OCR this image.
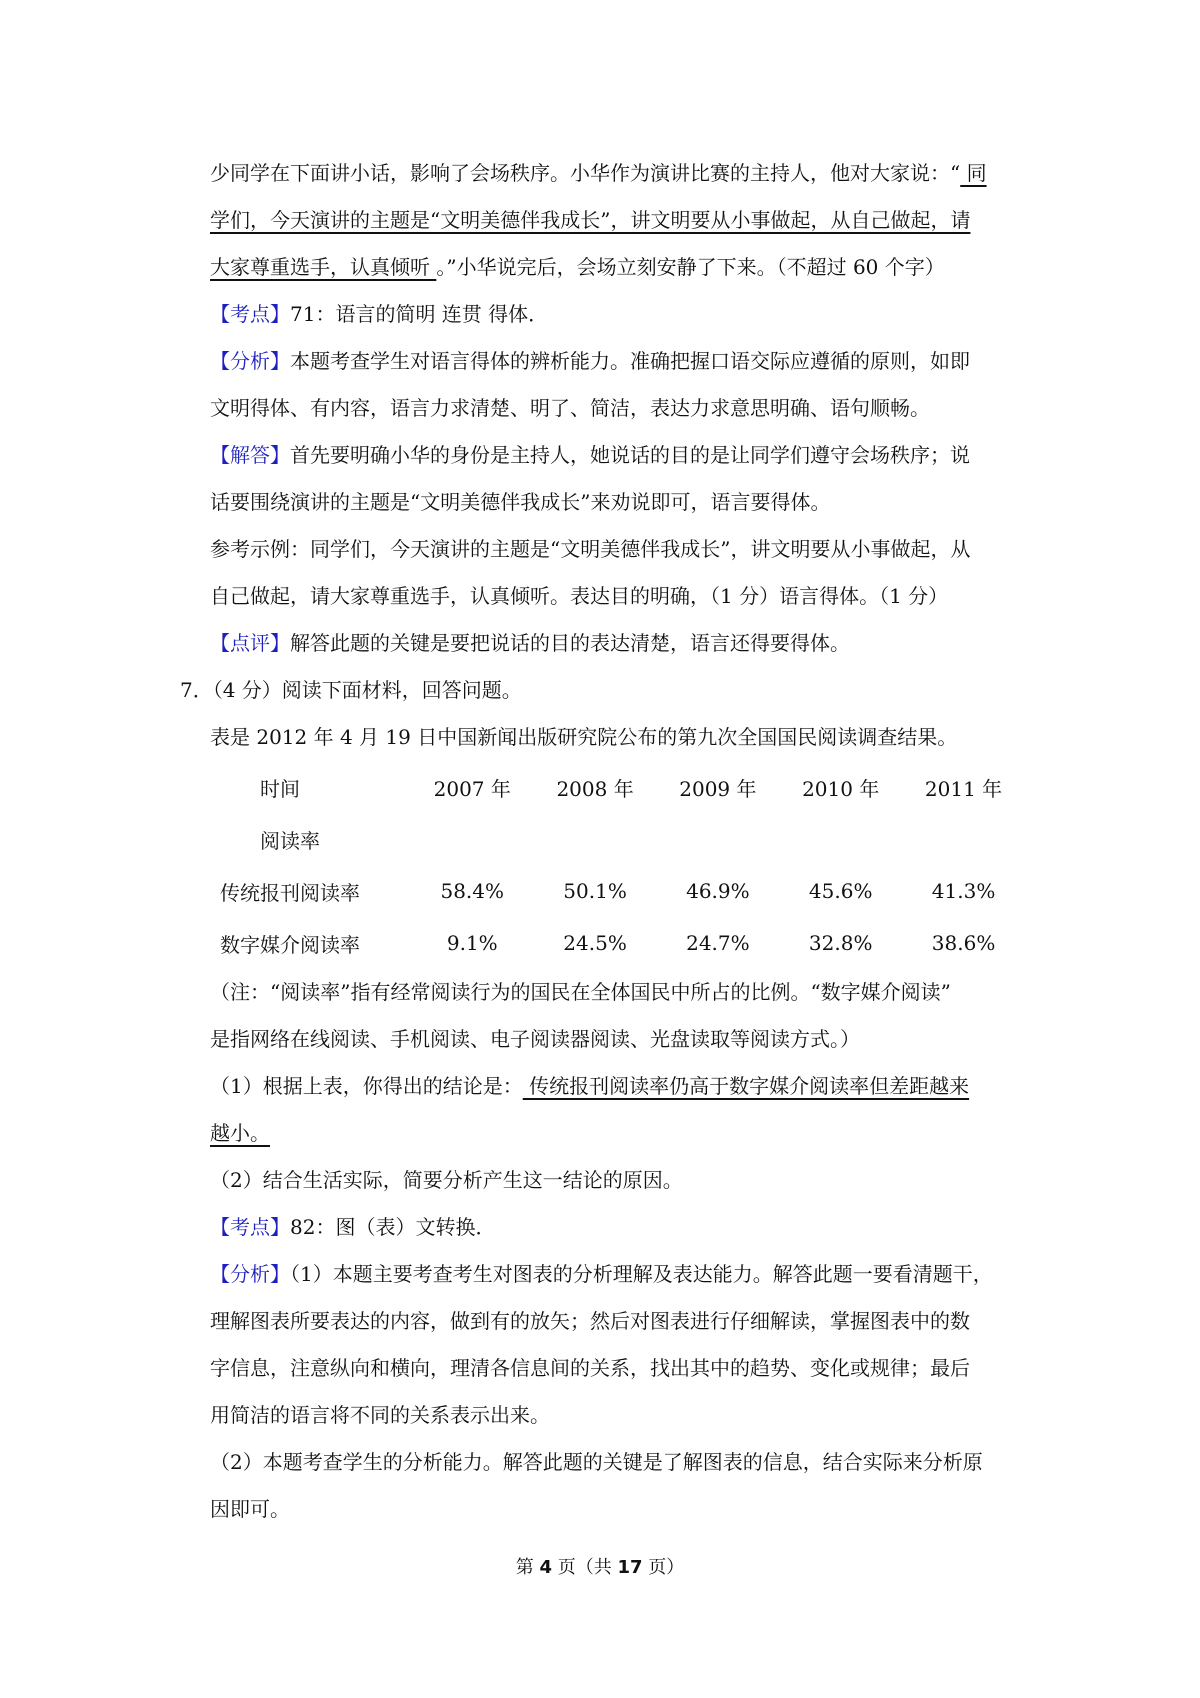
少同学在下面讲小话，影响了会场秩序。小华作为演讲比赛的主持人，他对大家说：“ 同
学们，今天演讲的主题是“文明美德伴我成长”，讲文明要从小事做起，从自己做起，请
大家尊重选手，认真倾听 。”小华说完后，会场立刻安静了下来。（不超过 60 个字）
【考点】71：语言的简明 连贯 得体．
【分析】本题考查学生对语言得体的辨析能力。准确把握口语交际应遵循的原则，如即
文明得体、有内容，语言力求清楚、明了、简洁，表达力求意思明确、语句顺畅。
【解答】首先要明确小华的身份是主持人，她说话的目的是让同学们遵守会场秩序；说
话要围绕演讲的主题是“文明美德伴我成长”来劝说即可，语言要得体。
参考示例：同学们，今天演讲的主题是“文明美德伴我成长”，讲文明要从小事做起，从
自己做起，请大家尊重选手，认真倾听。表达目的明确，（1 分）语言得体。（1 分）
【点评】解答此题的关键是要把说话的目的表达清楚，语言还得要得体。
7．（4 分）阅读下面材料，回答问题。
表是 2012 年 4 月 19 日中国新闻出版研究院公布的第九次全国国民阅读调查结果。
时间	2007 年	2008 年	2009 年	2010 年	2011 年
阅读率					
传统报刊阅读率	58.4%	50.1%	46.9%	45.6%	41.3%
数字媒介阅读率	9.1%	24.5%	24.7%	32.8%	38.6%
（注：“阅读率”指有经常阅读行为的国民在全体国民中所占的比例。“数字媒介阅读”
是指网络在线阅读、手机阅读、电子阅读器阅读、光盘读取等阅读方式。）
（1）根据上表，你得出的结论是： 传统报刊阅读率仍高于数字媒介阅读率但差距越来
越小。
（2）结合生活实际，简要分析产生这一结论的原因。
【考点】82：图（表）文转换．
【分析】（1）本题主要考查考生对图表的分析理解及表达能力。解答此题一要看清题干，
理解图表所要表达的内容，做到有的放矢；然后对图表进行仔细解读，掌握图表中的数
字信息，注意纵向和横向，理清各信息间的关系，找出其中的趋势、变化或规律；最后
用简洁的语言将不同的关系表示出来。
（2）本题考查学生的分析能力。解答此题的关键是了解图表的信息，结合实际来分析原
因即可。
第 4 页（共 17 页）
